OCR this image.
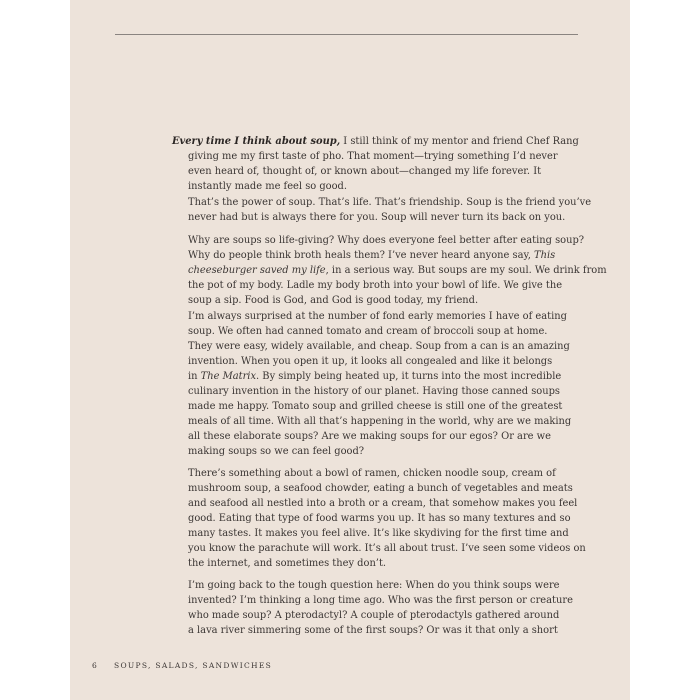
Every time I think about soup, I still think of my mentor and friend Chef Rang
giving me my first taste of pho. That moment—trying something I’d never
even heard of, thought of, or known about—changed my life forever. It
instantly made me feel so good.
That’s the power of soup. That’s life. That’s friendship. Soup is the friend you’ve
never had but is always there for you. Soup will never turn its back on you.
Why are soups so life-giving? Why does everyone feel better after eating soup?
Why do people think broth heals them? I’ve never heard anyone say, This
cheeseburger saved my life, in a serious way. But soups are my soul. We drink from
the pot of my body. Ladle my body broth into your bowl of life. We give the
soup a sip. Food is God, and God is good today, my friend.
I’m always surprised at the number of fond early memories I have of eating
soup. We often had canned tomato and cream of broccoli soup at home.
They were easy, widely available, and cheap. Soup from a can is an amazing
invention. When you open it up, it looks all congealed and like it belongs
in The Matrix. By simply being heated up, it turns into the most incredible
culinary invention in the history of our planet. Having those canned soups
made me happy. Tomato soup and grilled cheese is still one of the greatest
meals of all time. With all that’s happening in the world, why are we making
all these elaborate soups? Are we making soups for our egos? Or are we
making soups so we can feel good?
There’s something about a bowl of ramen, chicken noodle soup, cream of
mushroom soup, a seafood chowder, eating a bunch of vegetables and meats
and seafood all nestled into a broth or a cream, that somehow makes you feel
good. Eating that type of food warms you up. It has so many textures and so
many tastes. It makes you feel alive. It’s like skydiving for the first time and
you know the parachute will work. It’s all about trust. I’ve seen some videos on
the internet, and sometimes they don’t.
I’m going back to the tough question here: When do you think soups were
invented? I’m thinking a long time ago. Who was the first person or creature
who made soup? A pterodactyl? A couple of pterodactyls gathered around
a lava river simmering some of the first soups? Or was it that only a short
6 SOUPS, SALADS, SANDWICHES
